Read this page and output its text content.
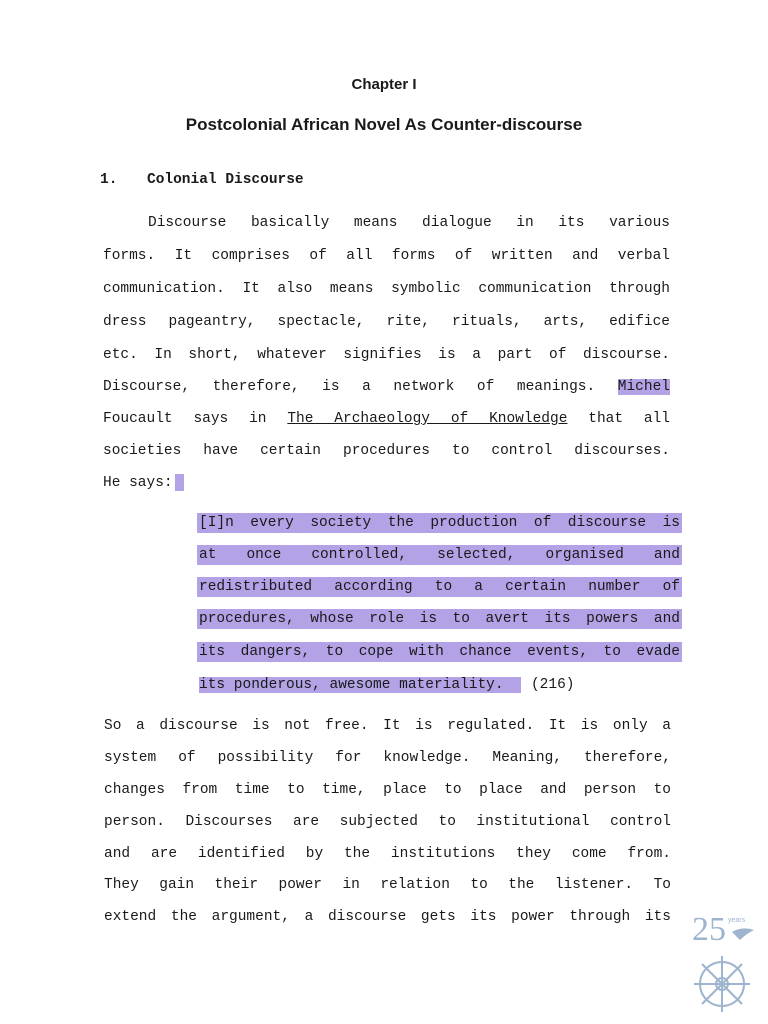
Chapter I
Postcolonial African Novel As Counter-discourse
1. Colonial Discourse
Discourse basically means dialogue in its various
forms. It comprises of all forms of written and verbal
communication. It also means symbolic communication through
dress pageantry, spectacle, rite, rituals, arts, edifice
etc. In short, whatever signifies is a part of discourse.
Discourse, therefore, is a network of meanings. Michel
Foucault says in The Archaeology of Knowledge that all
societies have certain procedures to control discourses.
He says:
[I]n every society the production of discourse is
at once controlled, selected, organised and
redistributed according to a certain number of
procedures, whose role is to avert its powers and
its dangers, to cope with chance events, to evade
its ponderous, awesome materiality. (216)
So a discourse is not free. It is regulated. It is only a
system of possibility for knowledge. Meaning, therefore,
changes from time to time, place to place and person to
person. Discourses are subjected to institutional control
and are identified by the institutions they come from.
They gain their power in relation to the listener. To
extend the argument, a discourse gets its power through its 25 years
